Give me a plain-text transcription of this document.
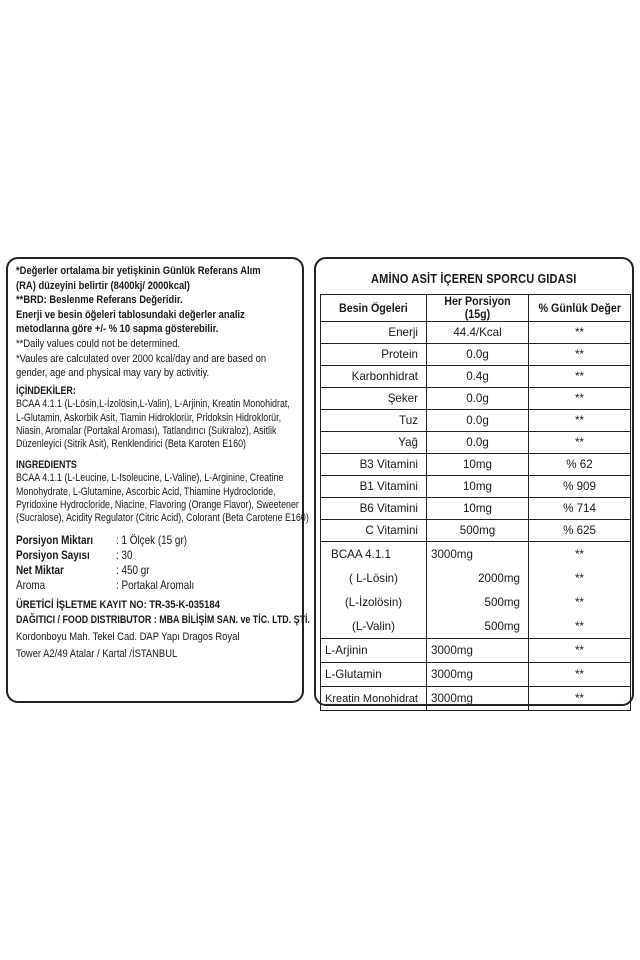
*Değerler ortalama bir yetişkinin Günlük Referans Alım
(RA) düzeyini belirtir (8400kj/ 2000kcal)
**BRD: Beslenme Referans Değeridir.
Enerji ve besin öğeleri tablosundaki değerler analiz
metodlarına göre +/- % 10 sapma gösterebilir.
**Daily values could not be determined.
*Vaules are calculated over 2000 kcal/day and are based on
gender, age and physical may vary by activitiy.
İÇİNDEKİLER:
BCAA 4.1.1 (L-Lösin,L-İzolösin,L-Valin), L-Arjinin, Kreatin Monohidrat,
L-Glutamin, Askorbik Asit, Tiamin Hidroklorür, Pridoksin Hidroklorür,
Niasin, Aromalar (Portakal Aroması), Tatlandırıcı (Sukraloz), Asitlik
Düzenleyici (Sitrik Asit), Renklendirici (Beta Karoten E160)
INGREDIENTS
BCAA 4.1.1 (L-Leucine, L-Isoleucine, L-Valine), L-Arginine, Creatine
Monohydrate, L-Glutamine, Ascorbic Acid, Thiamine Hydrocloride,
Pyridoxine Hydrocloride, Niacine, Flavoring (Orange Flavor), Sweetener
(Sucralose), Acidity Regulator (Citric Acid), Colorant (Beta Carotene E160)
Porsiyon Miktarı	: 1 Ölçek (15 gr)
Porsiyon Sayısı	: 30
Net Miktar	: 450 gr
Aroma	: Portakal Aromalı
ÜRETİCİ İŞLETME KAYIT NO: TR-35-K-035184
DAĞITICI / FOOD DISTRIBUTOR : MBA BİLİŞİM SAN. ve TİC. LTD. ŞTİ.
Kordonboyu Mah. Tekel Cad. DAP Yapı Dragos Royal
Tower A2/49 Atalar / Kartal /İSTANBUL
AMİNO ASİT İÇEREN SPORCU GIDASI
Besin Ögeleri	Her Porsiyon (15g)	% Günlük Değer
Enerji	44.4/Kcal	**
Protein	0.0g	**
Karbonhidrat	0.4g	**
Şeker	0.0g	**
Tuz	0.0g	**
Yağ	0.0g	**
B3 Vitamini	10mg	% 62
B1 Vitamini	10mg	% 909
B6 Vitamini	10mg	% 714
C Vitamini	500mg	% 625
BCAA 4.1.1	3000mg	**
( L-Lösin)	2000mg	**
(L-İzolösin)	500mg	**
(L-Valin)	500mg	**
L-Arjinin	3000mg	**
L-Glutamin	3000mg	**
Kreatin Monohidrat	3000mg	**
